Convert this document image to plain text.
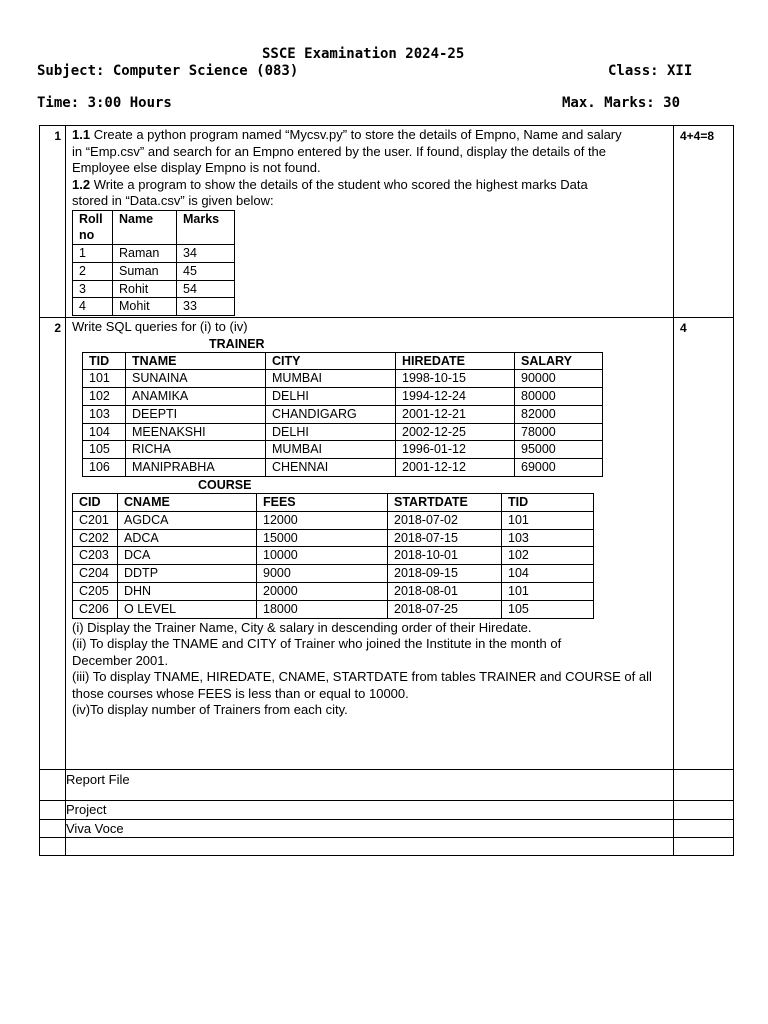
SSCE Examination 2024-25
Subject: Computer Science (083)	Class: XII
Time: 3:00 Hours	Max. Marks: 30
1	1.1 Create a python program named “Mycsv.py” to store the details of Empno, Name and salary

in “Emp.csv” and search for an Empno entered by the user. If found, display the details of the

Employee else display Empno is not found.

1.2 Write a program to show the details of the student who scored the highest marks Data

stored in “Data.csv” is given below:

Roll no	Name	Marks
1	Raman	34
2	Suman	45
3	Rohit	54
4	Mohit	33
	4+4=8
2	Write SQL queries for (i) to (iv)

TRAINER

TID	TNAME	CITY	HIREDATE	SALARY
101	SUNAINA	MUMBAI	1998-10-15	90000
102	ANAMIKA	DELHI	1994-12-24	80000
103	DEEPTI	CHANDIGARG	2001-12-21	82000
104	MEENAKSHI	DELHI	2002-12-25	78000
105	RICHA	MUMBAI	1996-01-12	95000
106	MANIPRABHA	CHENNAI	2001-12-12	69000

COURSE

CID	CNAME	FEES	STARTDATE	TID
C201	AGDCA	12000	2018-07-02	101
C202	ADCA	15000	2018-07-15	103
C203	DCA	10000	2018-10-01	102
C204	DDTP	9000	2018-09-15	104
C205	DHN	20000	2018-08-01	101
C206	O LEVEL	18000	2018-07-25	105

(i) Display the Trainer Name, City & salary in descending order of their Hiredate.

(ii) To display the TNAME and CITY of Trainer who joined the Institute in the month of

December 2001.

(iii) To display TNAME, HIREDATE, CNAME, STARTDATE from tables TRAINER and COURSE of all

those courses whose FEES is less than or equal to 10000.

(iv)To display number of Trainers from each city.

	4
	Report File	
	Project	
	Viva Voce	
